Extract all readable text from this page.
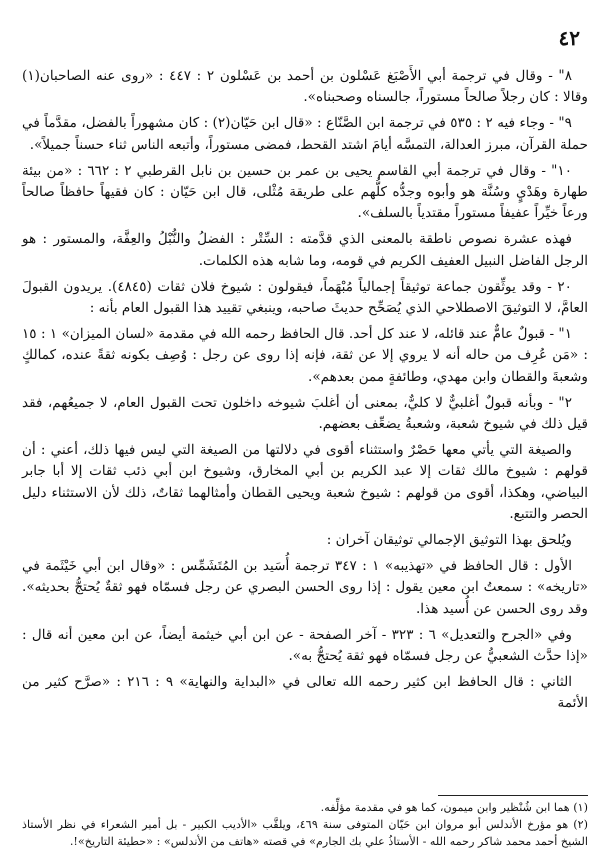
٤٢

٨" - وقال في ترجمة أبي الأَصْبَغ عَسْلون بن أحمد بن عَسْلون ٢ : ٤٤٧ : «روى عنه الصاحبان(١) وقالا : كان رجلاً صالحاً مستوراً، جالسناه وصحبناه».

٩" - وجاء فيه ٢ : ٥٣٥ في ترجمة ابن الصَّنّاع : «قال ابن حَيّان(٢) : كان مشهوراً بالفضل، مقدَّماً في حملة القرآن، مبرز العدالة، التمسَّه أيامَ اشتد القحط، فمضى مستوراً، وأتبعه الناس ثناء حسناً جميلاً».

١٠" - وقال في ترجمة أبي القاسم يحيى بن عمر بن حسين بن نابل القرطبي ٢ : ٦٦٢ : «من بيئة طهارة وهَدْيٍ وسُنَّة هو وأبوه وجدُّه كلُّهم على طريقة مُثْلى، قال ابن حَيّان : كان فقيهاً حافظاً صالحاً ورعاً خيِّراً عفيفاً مستوراً مقتدياً بالسلف».

فهذه عشرة نصوص ناطقة بالمعنى الذي قدَّمته : السِّتْر : الفضلُ والنُّبْلُ والعِفَّة، والمستور : هو الرجل الفاضل النبيل العفيف الكريم في قومه، وما شابه هذه الكلمات.

٢٠ - وقد يوثِّقون جماعة توثيقاً إجمالياً مُبْهَماً، فيقولون : شيوخ فلان ثقات (٤٨٤٥). يريدون القبولَ العامَّ، لا التوثيقَ الاصطلاحي الذي يُصَحِّح حديثَ صاحبه، وينبغي تقييد هذا القبول العام بأنه :

١" - قبولٌ عامٌّ عند قائله، لا عند كل أحد. قال الحافظ رحمه الله في مقدمة «لسان الميزان» ١ : ١٥ : «مَن عُرِف من حاله أنه لا يروي إلا عن ثقة، فإنه إذا روى عن رجل : وُصِف بكونه ثقةً عنده، كمالكٍ وشعبةَ والقطان وابن مهدي، وطائفةٍ ممن بعدهم».

٢" - وبأنه قبولٌ أغلبيٌّ لا كليٌّ، بمعنى أن أغلبَ شيوخه داخلون تحت القبول العام، لا جميعُهم، فقد قيل ذلك في شيوخ شعبة، وشعبةُ يضعِّف بعضهم.

والصيغة التي يأتي معها حَصْرٌ واستثناء أقوى في دلالتها من الصيغة التي ليس فيها ذلك، أعني : أن قولهم : شيوخ مالك ثقات إلا عبد الكريم بن أبي المخارق، وشيوخ ابن أبي ذئب ثقات إلا أبا جابر البياضي، وهكذا، أقوى من قولهم : شيوخ شعبة ويحيى القطان وأمثالهما ثقاتٌ، ذلك لأن الاستثناء دليل الحصر والتتبع.

ويُلحق بهذا التوثيق الإجمالي توثيقان آخران :

الأول : قال الحافظ في «تهذيبه» ١ : ٣٤٧ ترجمة أُسَيد بن المُتَشَمِّس : «وقال ابن أبي خَيْثَمة في «تاريخه» : سمعتُ ابن معين يقول : إذا روى الحسن البصري عن رجل فسمّاه فهو ثقةٌ يُحتجُّ بحديثه». وقد روى الحسن عن أُسيد هذا.

وفي «الجرح والتعديل» ٦ : ٣٢٣ - آخر الصفحة - عن ابن أبي خيثمة أيضاً، عن ابن معين أنه قال : «إذا حدَّث الشعبيُّ عن رجل فسمّاه فهو ثقة يُحتجُّ به».

الثاني : قال الحافظ ابن كثير رحمه الله تعالى في «البداية والنهاية» ٩ : ٢١٦ : «صرَّح كثير من الأئمة

(١) هما ابن شُنْظير وابن ميمون، كما هو في مقدمة مؤلِّفه.

(٢) هو مؤرخ الأندلس أبو مروان ابن حَيّان المتوفى سنة ٤٦٩، ويلقَّب «الأديب الكبير - بل أمير الشعراء في نظر الأستاذ الشيخ أحمد محمد شاكر رحمه الله - الأستاذُ علي بك الجارم» في قصته «هاتف من الأندلس» : «حطيئة التاريخ»!.
